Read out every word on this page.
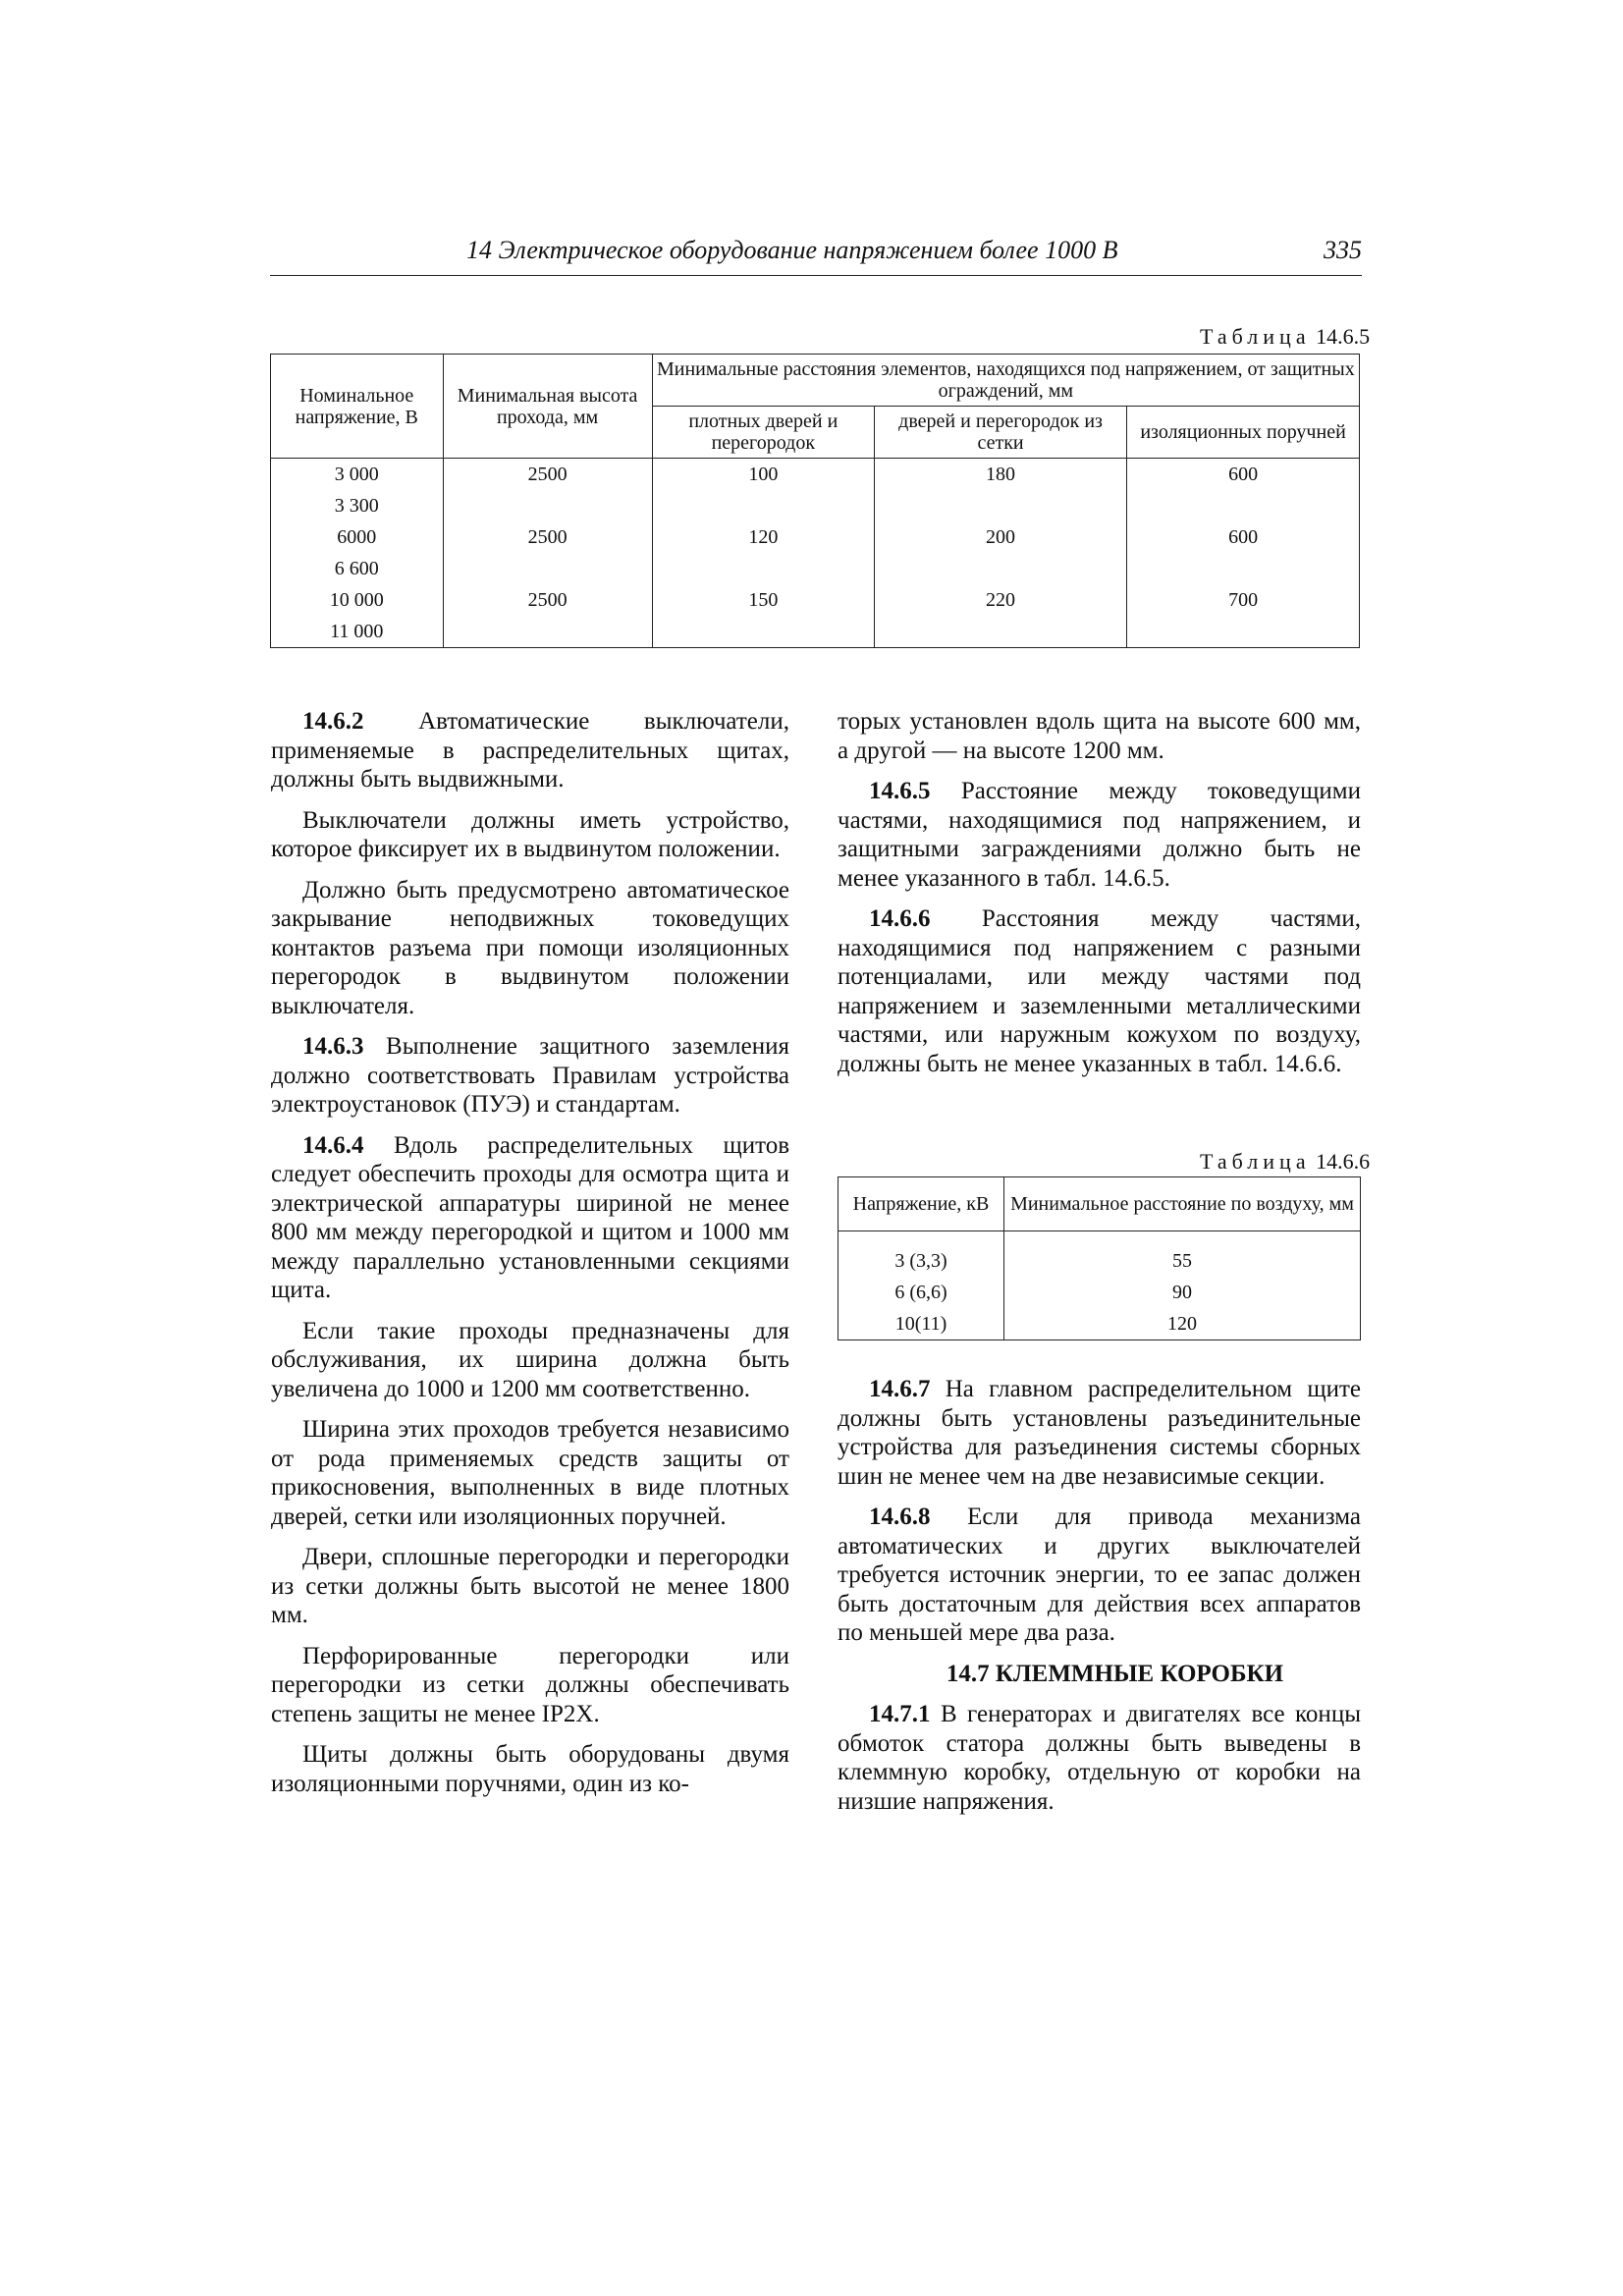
14 Электрическое оборудование напряжением более 1000 В	335
Таблица 14.6.5
Номинальное напряжение, В	Минимальная высота прохода, мм	Минимальные расстояния элементов, находящихся под напряжением, от защитных ограждений, мм		
		плотных дверей и перегородок	дверей и перегородок из сетки	изоляционных поручней
3 000	2500	100	180	600
3 300				
6000	2500	120	200	600
6 600				
10 000	2500	150	220	700
11 000				

14.6.2 Автоматические выключатели, применяемые в распределительных щитах, должны быть выдвижными.

Выключатели должны иметь устройство, которое фиксирует их в выдвинутом положении.

Должно быть предусмотрено автоматическое закрывание неподвижных токоведущих контактов разъема при помощи изоляционных перегородок в выдвинутом положении выключателя.

14.6.3 Выполнение защитного заземления должно соответствовать Правилам устройства электроустановок (ПУЭ) и стандартам.

14.6.4 Вдоль распределительных щитов следует обеспечить проходы для осмотра щита и электрической аппаратуры шириной не менее 800 мм между перегородкой и щитом и 1000 мм между параллельно установленными секциями щита.

Если такие проходы предназначены для обслуживания, их ширина должна быть увеличена до 1000 и 1200 мм соответственно.

Ширина этих проходов требуется независимо от рода применяемых средств защиты от прикосновения, выполненных в виде плотных дверей, сетки или изоляционных поручней.

Двери, сплошные перегородки и перегородки из сетки должны быть высотой не менее 1800 мм.

Перфорированные перегородки или перегородки из сетки должны обеспечивать степень защиты не менее IP2X.

Щиты должны быть оборудованы двумя изоляционными поручнями, один из ко-

торых установлен вдоль щита на высоте 600 мм, а другой — на высоте 1200 мм.

14.6.5 Расстояние между токоведущими частями, находящимися под напряжением, и защитными заграждениями должно быть не менее указанного в табл. 14.6.5.

14.6.6 Расстояния между частями, находящимися под напряжением с разными потенциалами, или между частями под напряжением и заземленными металлическими частями, или наружным кожухом по воздуху, должны быть не менее указанных в табл. 14.6.6.

Таблица 14.6.6
Напряжение, кВ	Минимальное расстояние по воздуху, мм
3 (3,3)	55
6 (6,6)	90
10(11)	120

14.6.7 На главном распределительном щите должны быть установлены разъединительные устройства для разъединения системы сборных шин не менее чем на две независимые секции.

14.6.8 Если для привода механизма автоматических и других выключателей требуется источник энергии, то ее запас должен быть достаточным для действия всех аппаратов по меньшей мере два раза.

14.7 КЛЕММНЫЕ КОРОБКИ

14.7.1 В генераторах и двигателях все концы обмоток статора должны быть выведены в клеммную коробку, отдельную от коробки на низшие напряжения.
